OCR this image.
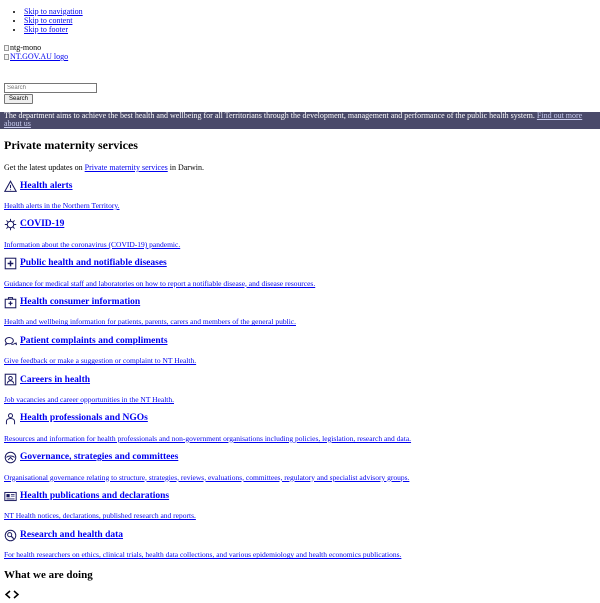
• Skip to navigation
• Skip to content
• Skip to footer
ntg-mono
NT.GOV.AU logo
Search
Search
The department aims to achieve the best health and wellbeing for all Territorians through the development, management and performance of the public health system. Find out more about us
Private maternity services
Get the latest updates on Private maternity services in Darwin.
Health alerts
Health alerts in the Northern Territory.
COVID-19
Information about the coronavirus (COVID-19) pandemic.
Public health and notifiable diseases
Guidance for medical staff and laboratories on how to report a notifiable disease, and disease resources.
Health consumer information
Health and wellbeing information for patients, parents, carers and members of the general public.
Patient complaints and compliments
Give feedback or make a suggestion or complaint to NT Health.
Careers in health
Job vacancies and career opportunities in the NT Health.
Health professionals and NGOs
Resources and information for health professionals and non-government organisations including policies, legislation, research and data.
Governance, strategies and committees
Organisational governance relating to structure, strategies, reviews, evaluations, committees, regulatory and specialist advisory groups.
Health publications and declarations
NT Health notices, declarations, published research and reports.
Research and health data
For health researchers on ethics, clinical trials, health data collections, and various epidemiology and health economics publications.
What we are doing
